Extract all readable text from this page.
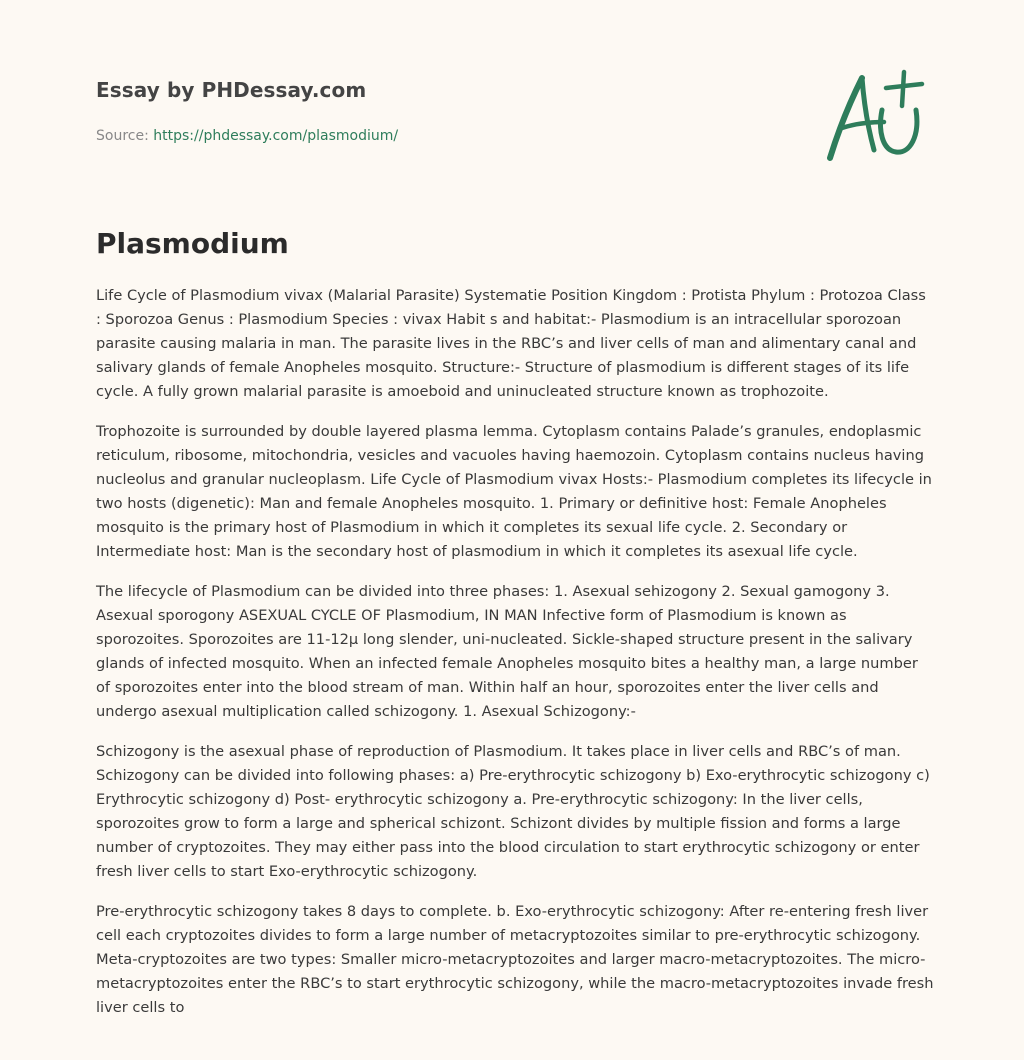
Essay by PHDessay.com
Source: https://phdessay.com/plasmodium/
Plasmodium

Life Cycle of Plasmodium vivax (Malarial Parasite) Systematie Position Kingdom : Protista Phylum : Protozoa Class : Sporozoa Genus : Plasmodium Species : vivax Habit s and habitat:- Plasmodium is an intracellular sporozoan parasite causing malaria in man. The parasite lives in the RBC’s and liver cells of man and alimentary canal and salivary glands of female Anopheles mosquito. Structure:- Structure of plasmodium is different stages of its life cycle. A fully grown malarial parasite is amoeboid and uninucleated structure known as trophozoite.

Trophozoite is surrounded by double layered plasma lemma. Cytoplasm contains Palade’s granules, endoplasmic reticulum, ribosome, mitochondria, vesicles and vacuoles having haemozoin. Cytoplasm contains nucleus having nucleolus and granular nucleoplasm. Life Cycle of Plasmodium vivax Hosts:- Plasmodium completes its lifecycle in two hosts (digenetic): Man and female Anopheles mosquito. 1. Primary or definitive host: Female Anopheles mosquito is the primary host of Plasmodium in which it completes its sexual life cycle. 2. Secondary or Intermediate host: Man is the secondary host of plasmodium in which it completes its asexual life cycle.

The lifecycle of Plasmodium can be divided into three phases: 1. Asexual sehizogony 2. Sexual gamogony 3. Asexual sporogony ASEXUAL CYCLE OF Plasmodium, IN MAN Infective form of Plasmodium is known as sporozoites. Sporozoites are 11-12μ long slender, uni-nucleated. Sickle-shaped structure present in the salivary glands of infected mosquito. When an infected female Anopheles mosquito bites a healthy man, a large number of sporozoites enter into the blood stream of man. Within half an hour, sporozoites enter the liver cells and undergo asexual multiplication called schizogony. 1. Asexual Schizogony:-

Schizogony is the asexual phase of reproduction of Plasmodium. It takes place in liver cells and RBC’s of man. Schizogony can be divided into following phases: a) Pre-erythrocytic schizogony b) Exo-erythrocytic schizogony c) Erythrocytic schizogony d) Post- erythrocytic schizogony a. Pre-erythrocytic schizogony: In the liver cells, sporozoites grow to form a large and spherical schizont. Schizont divides by multiple fission and forms a large number of cryptozoites. They may either pass into the blood circulation to start erythrocytic schizogony or enter fresh liver cells to start Exo-erythrocytic schizogony.

Pre-erythrocytic schizogony takes 8 days to complete. b. Exo-erythrocytic schizogony: After re-entering fresh liver cell each cryptozoites divides to form a large number of metacryptozoites similar to pre-erythrocytic schizogony. Meta-cryptozoites are two types: Smaller micro-metacryptozoites and larger macro-metacryptozoites. The micro-metacryptozoites enter the RBC’s to start erythrocytic schizogony, while the macro-metacryptozoites invade fresh liver cells to
